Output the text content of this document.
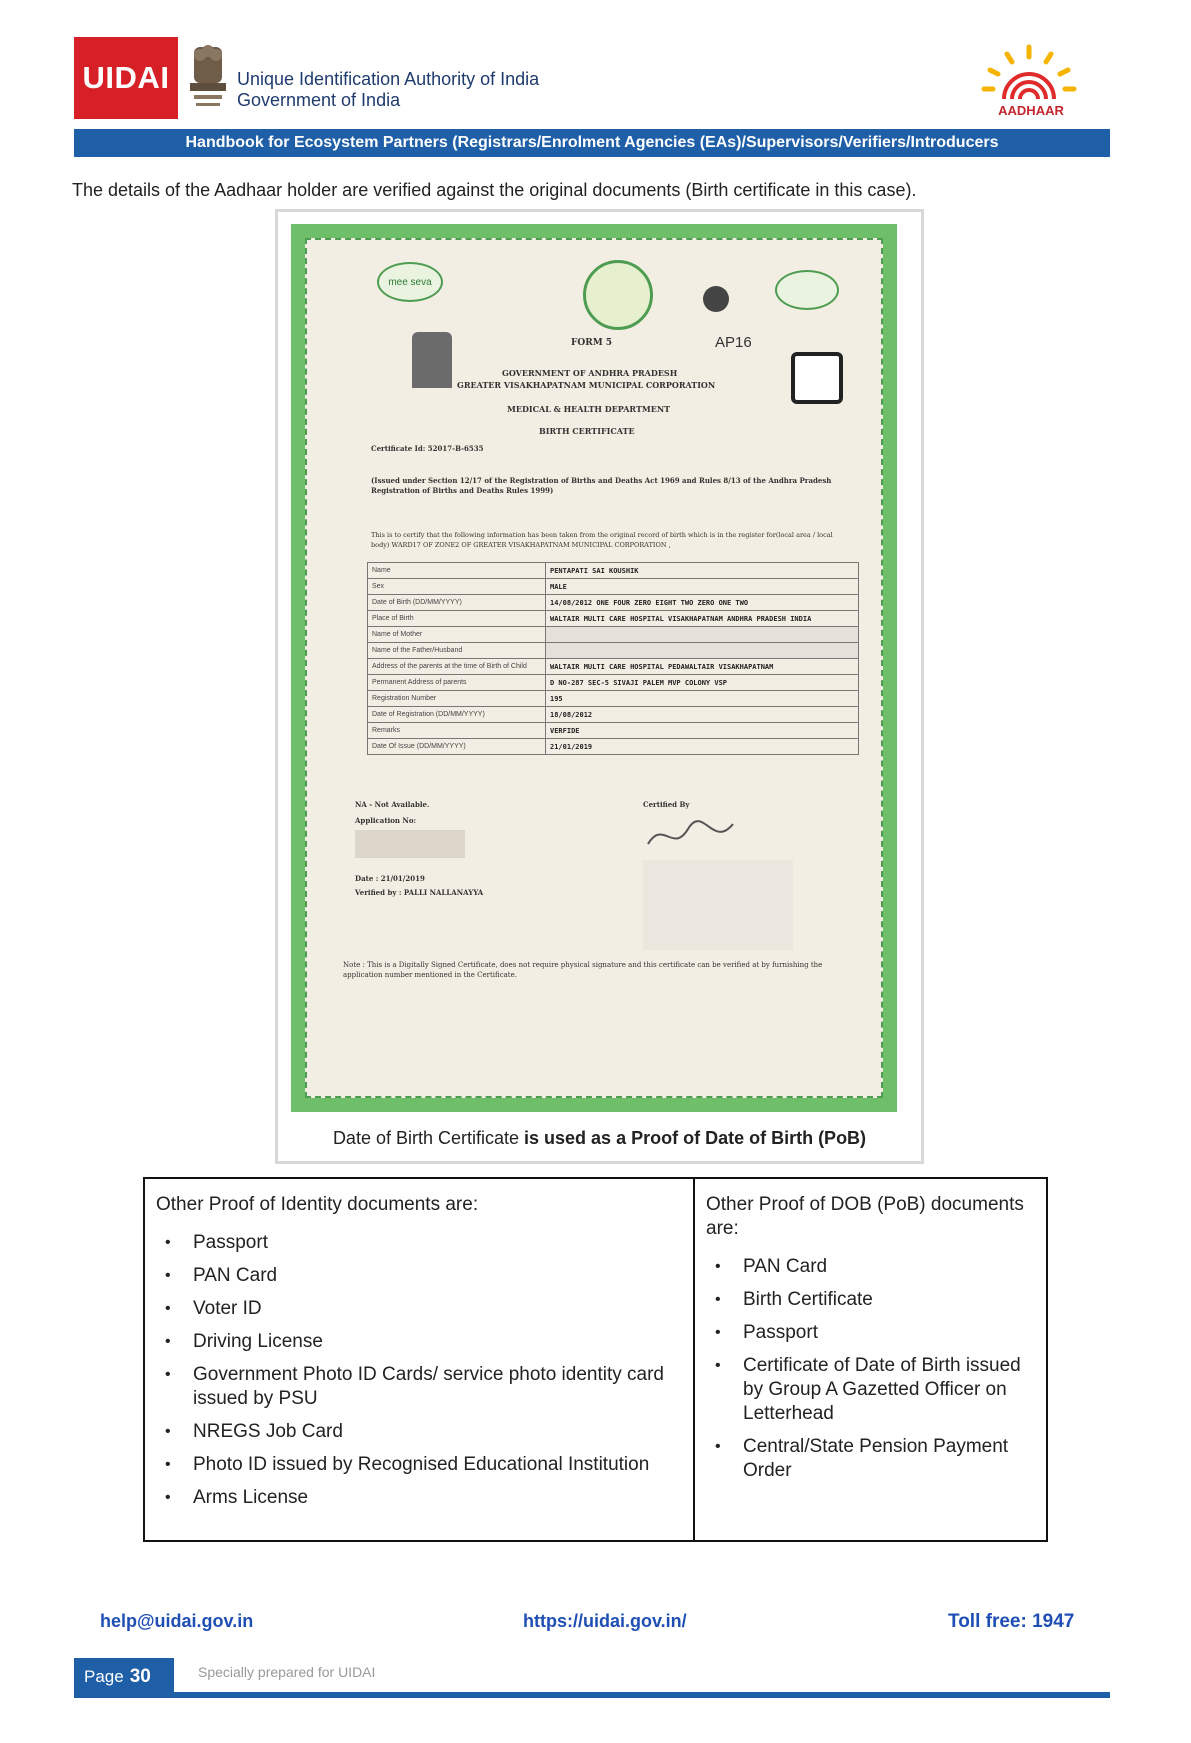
UIDAI	Unique Identification Authority of India
Government of India
AADHAAR
Handbook for Ecosystem Partners (Registrars/Enrolment Agencies (EAs)/Supervisors/Verifiers/Introducers
The details of the Aadhaar holder are verified against the original documents (Birth certificate in this case).
mee seva
FORM 5	AP16
GOVERNMENT OF ANDHRA PRADESH
GREATER VISAKHAPATNAM MUNICIPAL CORPORATION
MEDICAL & HEALTH DEPARTMENT
BIRTH CERTIFICATE
Certificate Id: 52017-B-6535
(Issued under Section 12/17 of the Registration of Births and Deaths Act 1969 and Rules 8/13 of the Andhra Pradesh Registration of Births and Deaths Rules 1999)
This is to certify that the following information has been taken from the original record of birth which is in the register for(local area / local body) WARD17 OF ZONE2 OF GREATER VISAKHAPATNAM MUNICIPAL CORPORATION ,
Name	PENTAPATI SAI KOUSHIK
Sex	MALE
Date of Birth (DD/MM/YYYY)	14/08/2012 ONE FOUR ZERO EIGHT TWO ZERO ONE TWO
Place of Birth	WALTAIR MULTI CARE HOSPITAL VISAKHAPATNAM ANDHRA PRADESH INDIA
Name of Mother	
Name of the Father/Husband	
Address of the parents at the time of Birth of Child	WALTAIR MULTI CARE HOSPITAL PEDAWALTAIR VISAKHAPATNAM
Permanent Address of parents	D NO-287 SEC-5 SIVAJI PALEM MVP COLONY VSP
Registration Number	195
Date of Registration (DD/MM/YYYY)	18/08/2012
Remarks	VERFIDE
Date Of Issue (DD/MM/YYYY)	21/01/2019
NA - Not Available.
Application No:
Certified By
Date : 21/01/2019
Verified by : PALLI NALLANAYYA
Note : This is a Digitally Signed Certificate, does not require physical signature and this certificate can be verified at by furnishing the application number mentioned in the Certificate.
Date of Birth Certificate is used as a Proof of Date of Birth (PoB)
Other Proof of Identity documents are:
• Passport
• PAN Card
• Voter ID
• Driving License
• Government Photo ID Cards/ service photo identity card issued by PSU
• NREGS Job Card
• Photo ID issued by Recognised Educational Institution
• Arms License
Other Proof of DOB (PoB) documents are:
• PAN Card
• Birth Certificate
• Passport
• Certificate of Date of Birth issued by Group A Gazetted Officer on Letterhead
• Central/State Pension Payment Order
help@uidai.gov.in	https://uidai.gov.in/	Toll free: 1947
Page 30	Specially prepared for UIDAI
